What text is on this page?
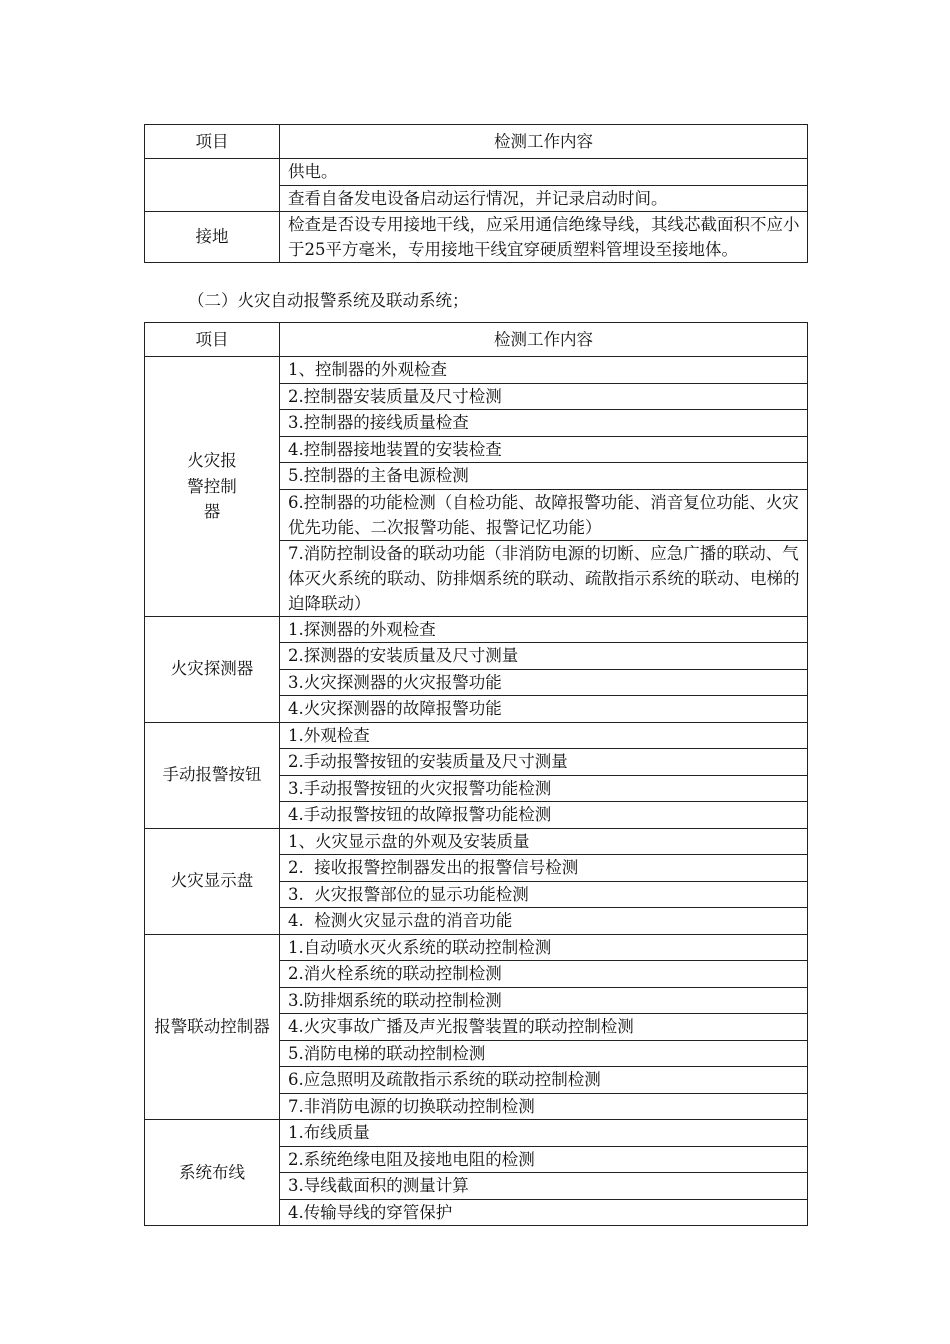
项目	检测工作内容
	供电。
	查看自备发电设备启动运行情况，并记录启动时间。
接地	检查是否设专用接地干线，应采用通信绝缘导线，其线芯截面积不应小于25平方毫米，专用接地干线宜穿硬质塑料管埋设至接地体。
（二）火灾自动报警系统及联动系统；
项目	检测工作内容
火灾报警控制器	1、控制器的外观检查
	2.控制器安装质量及尺寸检测
	3.控制器的接线质量检查
	4.控制器接地装置的安装检查
	5.控制器的主备电源检测
	6.控制器的功能检测（自检功能、故障报警功能、消音复位功能、火灾优先功能、二次报警功能、报警记忆功能）
	7.消防控制设备的联动功能（非消防电源的切断、应急广播的联动、气体灭火系统的联动、防排烟系统的联动、疏散指示系统的联动、电梯的迫降联动）
火灾探测器	1.探测器的外观检查
	2.探测器的安装质量及尺寸测量
	3.火灾探测器的火灾报警功能
	4.火灾探测器的故障报警功能
手动报警按钮	1.外观检查
	2.手动报警按钮的安装质量及尺寸测量
	3.手动报警按钮的火灾报警功能检测
	4.手动报警按钮的故障报警功能检测
火灾显示盘	1、火灾显示盘的外观及安装质量
	2.  接收报警控制器发出的报警信号检测
	3.  火灾报警部位的显示功能检测
	4.  检测火灾显示盘的消音功能
报警联动控制器	1.自动喷水灭火系统的联动控制检测
	2.消火栓系统的联动控制检测
	3.防排烟系统的联动控制检测
	4.火灾事故广播及声光报警装置的联动控制检测
	5.消防电梯的联动控制检测
	6.应急照明及疏散指示系统的联动控制检测
	7.非消防电源的切换联动控制检测
系统布线	1.布线质量
	2.系统绝缘电阻及接地电阻的检测
	3.导线截面积的测量计算
	4.传输导线的穿管保护
